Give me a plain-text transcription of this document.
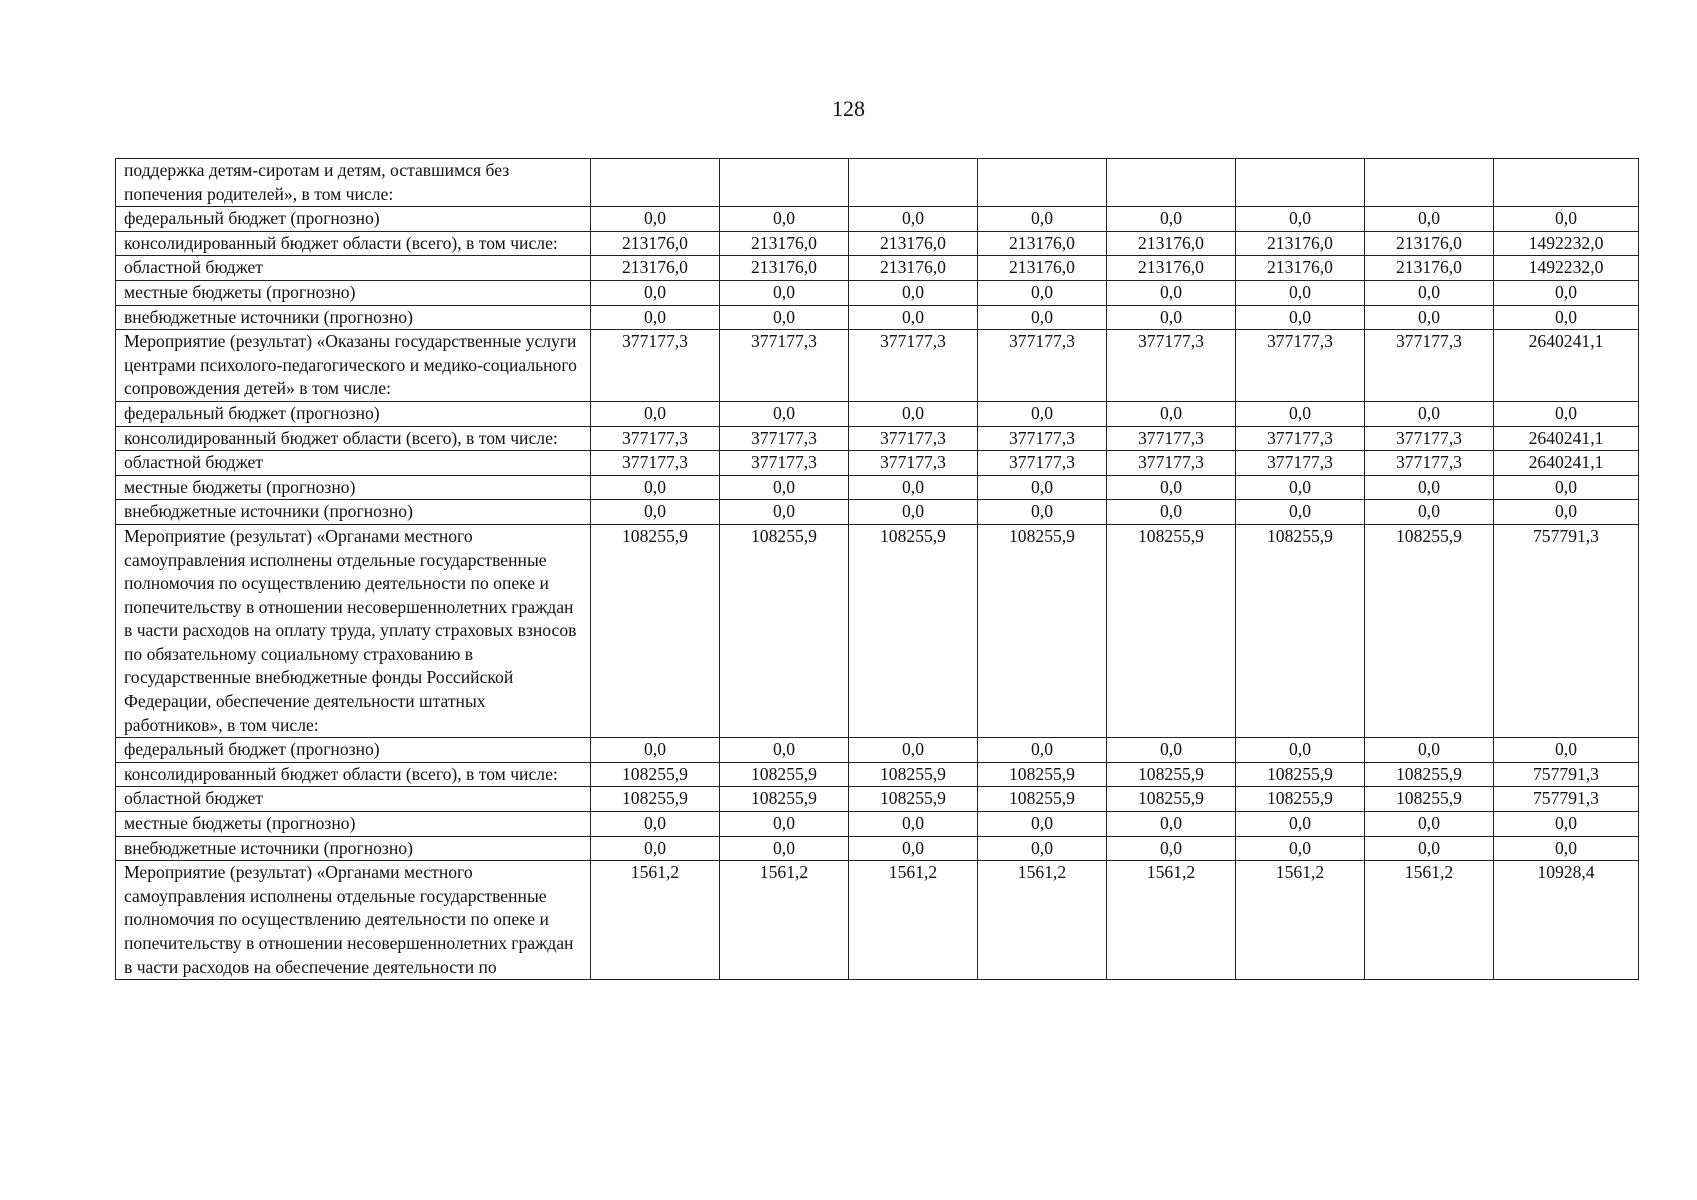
128
поддержка детям-сиротам и детям, оставшимся без попечения родителей», в том числе:								
федеральный бюджет (прогнозно)	0,0	0,0	0,0	0,0	0,0	0,0	0,0	0,0
консолидированный бюджет области (всего), в том числе:	213176,0	213176,0	213176,0	213176,0	213176,0	213176,0	213176,0	1492232,0
областной бюджет	213176,0	213176,0	213176,0	213176,0	213176,0	213176,0	213176,0	1492232,0
местные бюджеты (прогнозно)	0,0	0,0	0,0	0,0	0,0	0,0	0,0	0,0
внебюджетные источники (прогнозно)	0,0	0,0	0,0	0,0	0,0	0,0	0,0	0,0
Мероприятие (результат) «Оказаны государственные услуги центрами психолого-педагогического и медико-социального сопровождения детей» в том числе:	377177,3	377177,3	377177,3	377177,3	377177,3	377177,3	377177,3	2640241,1
федеральный бюджет (прогнозно)	0,0	0,0	0,0	0,0	0,0	0,0	0,0	0,0
консолидированный бюджет области (всего), в том числе:	377177,3	377177,3	377177,3	377177,3	377177,3	377177,3	377177,3	2640241,1
областной бюджет	377177,3	377177,3	377177,3	377177,3	377177,3	377177,3	377177,3	2640241,1
местные бюджеты (прогнозно)	0,0	0,0	0,0	0,0	0,0	0,0	0,0	0,0
внебюджетные источники (прогнозно)	0,0	0,0	0,0	0,0	0,0	0,0	0,0	0,0
Мероприятие (результат) «Органами местного самоуправления исполнены отдельные государственные полномочия по осуществлению деятельности по опеке и попечительству в отношении несовершеннолетних граждан в части расходов на оплату труда, уплату страховых взносов по обязательному социальному страхованию в государственные внебюджетные фонды Российской Федерации, обеспечение деятельности штатных работников», в том числе:	108255,9	108255,9	108255,9	108255,9	108255,9	108255,9	108255,9	757791,3
федеральный бюджет (прогнозно)	0,0	0,0	0,0	0,0	0,0	0,0	0,0	0,0
консолидированный бюджет области (всего), в том числе:	108255,9	108255,9	108255,9	108255,9	108255,9	108255,9	108255,9	757791,3
областной бюджет	108255,9	108255,9	108255,9	108255,9	108255,9	108255,9	108255,9	757791,3
местные бюджеты (прогнозно)	0,0	0,0	0,0	0,0	0,0	0,0	0,0	0,0
внебюджетные источники (прогнозно)	0,0	0,0	0,0	0,0	0,0	0,0	0,0	0,0
Мероприятие (результат) «Органами местного самоуправления исполнены отдельные государственные полномочия по осуществлению деятельности по опеке и попечительству в отношении несовершеннолетних граждан в части расходов на обеспечение деятельности по	1561,2	1561,2	1561,2	1561,2	1561,2	1561,2	1561,2	10928,4
